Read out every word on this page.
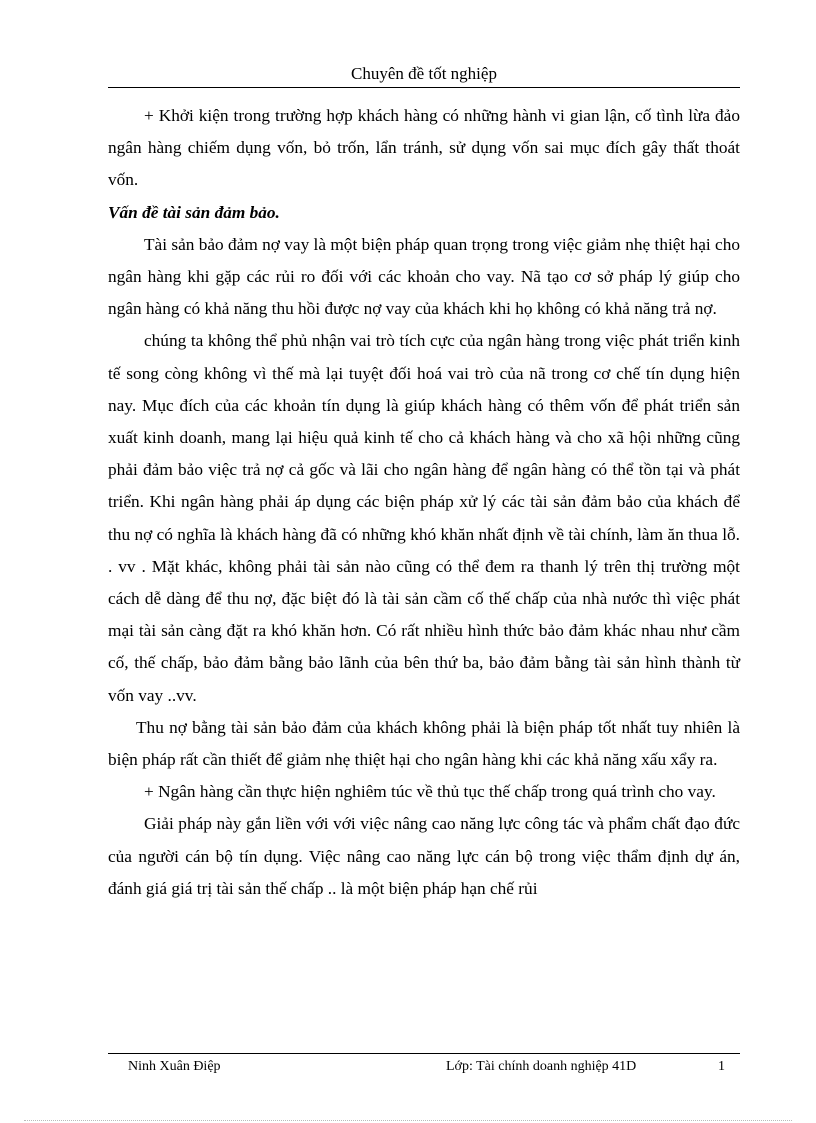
Chuyên đề tốt nghiệp

+ Khởi kiện trong trường hợp khách hàng có những hành vi gian lận, cố tình lừa đảo ngân hàng chiếm dụng vốn, bỏ trốn, lẩn tránh, sử dụng vốn sai mục đích gây thất thoát vốn.

Vấn đề tài sản đảm bảo.

Tài sản bảo đảm nợ vay là một biện pháp quan trọng trong việc giảm nhẹ thiệt hại cho ngân hàng khi gặp các rủi ro đối với các khoản cho vay. Nã tạo cơ sở pháp lý giúp cho ngân hàng có khả năng thu hồi được nợ vay của khách khi họ không có khả năng trả nợ.

chúng ta không thể phủ nhận vai trò tích cực của ngân hàng trong việc phát triển kinh tế song còng không vì thế mà lại tuyệt đối hoá vai trò của nã trong cơ chế tín dụng hiện nay. Mục đích của các khoản tín dụng là giúp khách hàng có thêm vốn để phát triển sản xuất kinh doanh, mang lại hiệu quả kinh tế cho cả khách hàng và cho xã hội những cũng phải đảm bảo việc trả nợ cả gốc và lãi cho ngân hàng để ngân hàng có thể tồn tại và phát triển. Khi ngân hàng phải áp dụng các biện pháp xử lý các tài sản đảm bảo của khách để thu nợ có nghĩa là khách hàng đã có những khó khăn nhất định về tài chính, làm ăn thua lỗ. . vv . Mặt khác, không phải tài sản nào cũng có thể đem ra thanh lý trên thị trường một cách dễ dàng để thu nợ, đặc biệt đó là tài sản cầm cố thế chấp của nhà nước thì việc phát mại tài sản càng đặt ra khó khăn hơn. Có rất nhiều hình thức bảo đảm khác nhau như cầm cố, thế chấp, bảo đảm bằng bảo lãnh của bên thứ ba, bảo đảm bằng tài sản hình thành từ vốn vay ..vv.

Thu nợ bằng tài sản bảo đảm của khách không phải là biện pháp tốt nhất tuy nhiên là biện pháp rất cần thiết để giảm nhẹ thiệt hại cho ngân hàng khi các khả năng xấu xẩy ra.

+ Ngân hàng cần thực hiện nghiêm túc về thủ tục thế chấp trong quá trình cho vay.

Giải pháp này gắn liền với với việc nâng cao năng lực công tác và phẩm chất đạo đức của người cán bộ tín dụng. Việc nâng cao năng lực cán bộ trong việc thẩm định dự án, đánh giá giá trị tài sản thế chấp .. là một biện pháp hạn chế rủi

Ninh Xuân Điệp	Lớp: Tài chính doanh nghiệp 41D	1
